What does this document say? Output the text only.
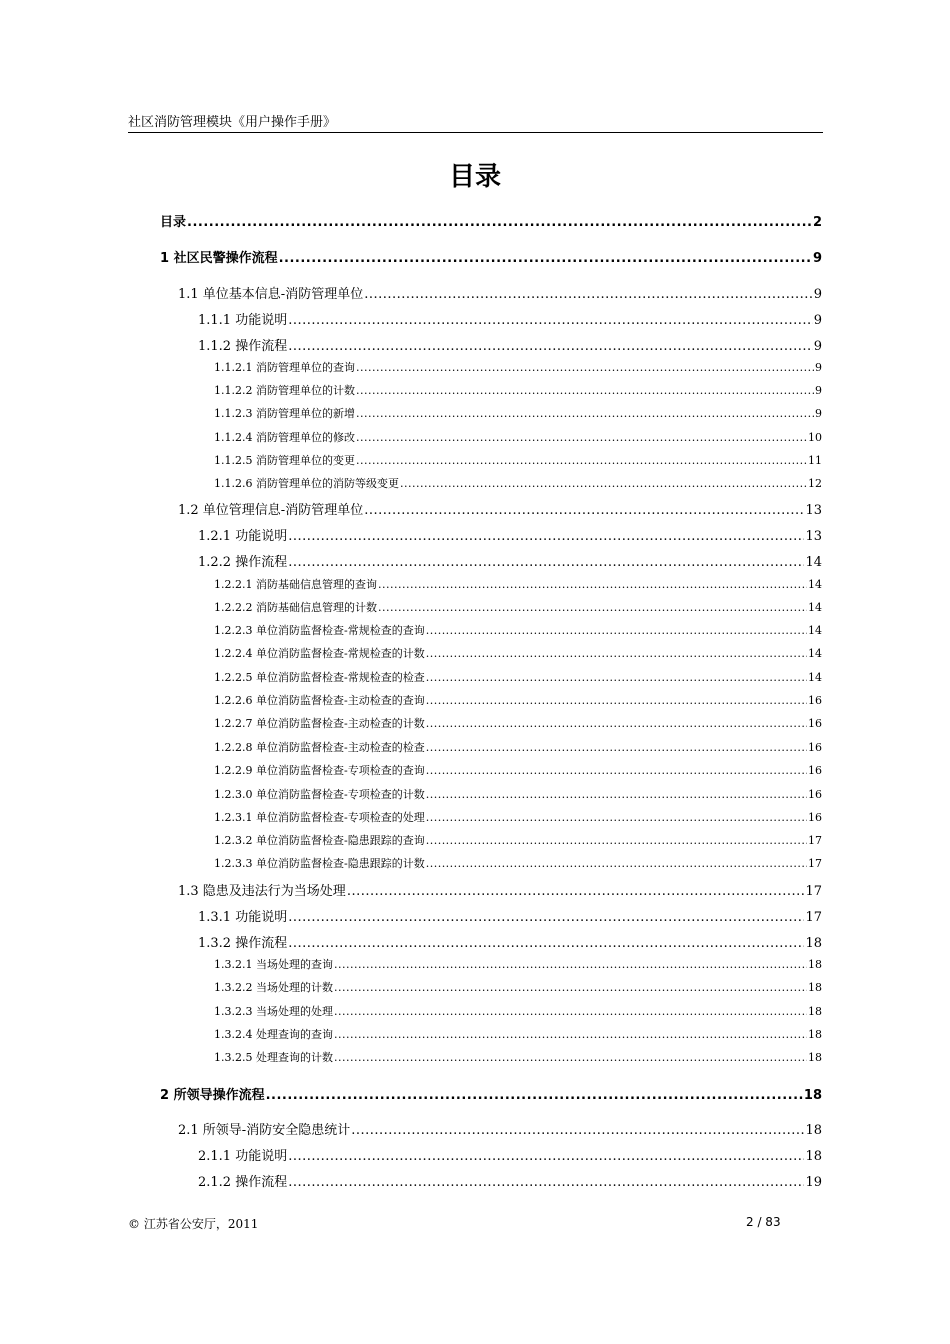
社区消防管理模块《用户操作手册》
目录
目录 .....	2
1 社区民警操作流程 .....	9
1.1 单位基本信息-消防管理单位 .....	9
1.1.1 功能说明 .....	9
1.1.2 操作流程 .....	9
1.1.2.1 消防管理单位的查询 .....	9
1.1.2.2 消防管理单位的计数 .....	9
1.1.2.3 消防管理单位的新增 .....	9
1.1.2.4 消防管理单位的修改 .....	10
1.1.2.5 消防管理单位的变更 .....	11
1.1.2.6 消防管理单位的消防等级变更 .....	12
1.2 单位管理信息-消防管理单位 .....	13
1.2.1 功能说明 .....	13
1.2.2 操作流程 .....	14
1.2.2.1 消防基础信息管理的查询 .....	14
1.2.2.2 消防基础信息管理的计数 .....	14
1.2.2.3 单位消防监督检查-常规检查的查询 .....	14
1.2.2.4 单位消防监督检查-常规检查的计数 .....	14
1.2.2.5 单位消防监督检查-常规检查的检查 .....	14
1.2.2.6 单位消防监督检查-主动检查的查询 .....	16
1.2.2.7 单位消防监督检查-主动检查的计数 .....	16
1.2.2.8 单位消防监督检查-主动检查的检查 .....	16
1.2.2.9 单位消防监督检查-专项检查的查询 .....	16
1.2.3.0 单位消防监督检查-专项检查的计数 .....	16
1.2.3.1 单位消防监督检查-专项检查的处理 .....	16
1.2.3.2 单位消防监督检查-隐患跟踪的查询 .....	17
1.2.3.3 单位消防监督检查-隐患跟踪的计数 .....	17
1.3 隐患及违法行为当场处理 .....	17
1.3.1 功能说明 .....	17
1.3.2 操作流程 .....	18
1.3.2.1 当场处理的查询 .....	18
1.3.2.2 当场处理的计数 .....	18
1.3.2.3 当场处理的处理 .....	18
1.3.2.4 处理查询的查询 .....	18
1.3.2.5 处理查询的计数 .....	18
2 所领导操作流程 .....	18
2.1 所领导-消防安全隐患统计 .....	18
2.1.1 功能说明 .....	18
2.1.2 操作流程 .....	19
© 江苏省公安厅，2011	2 / 83
